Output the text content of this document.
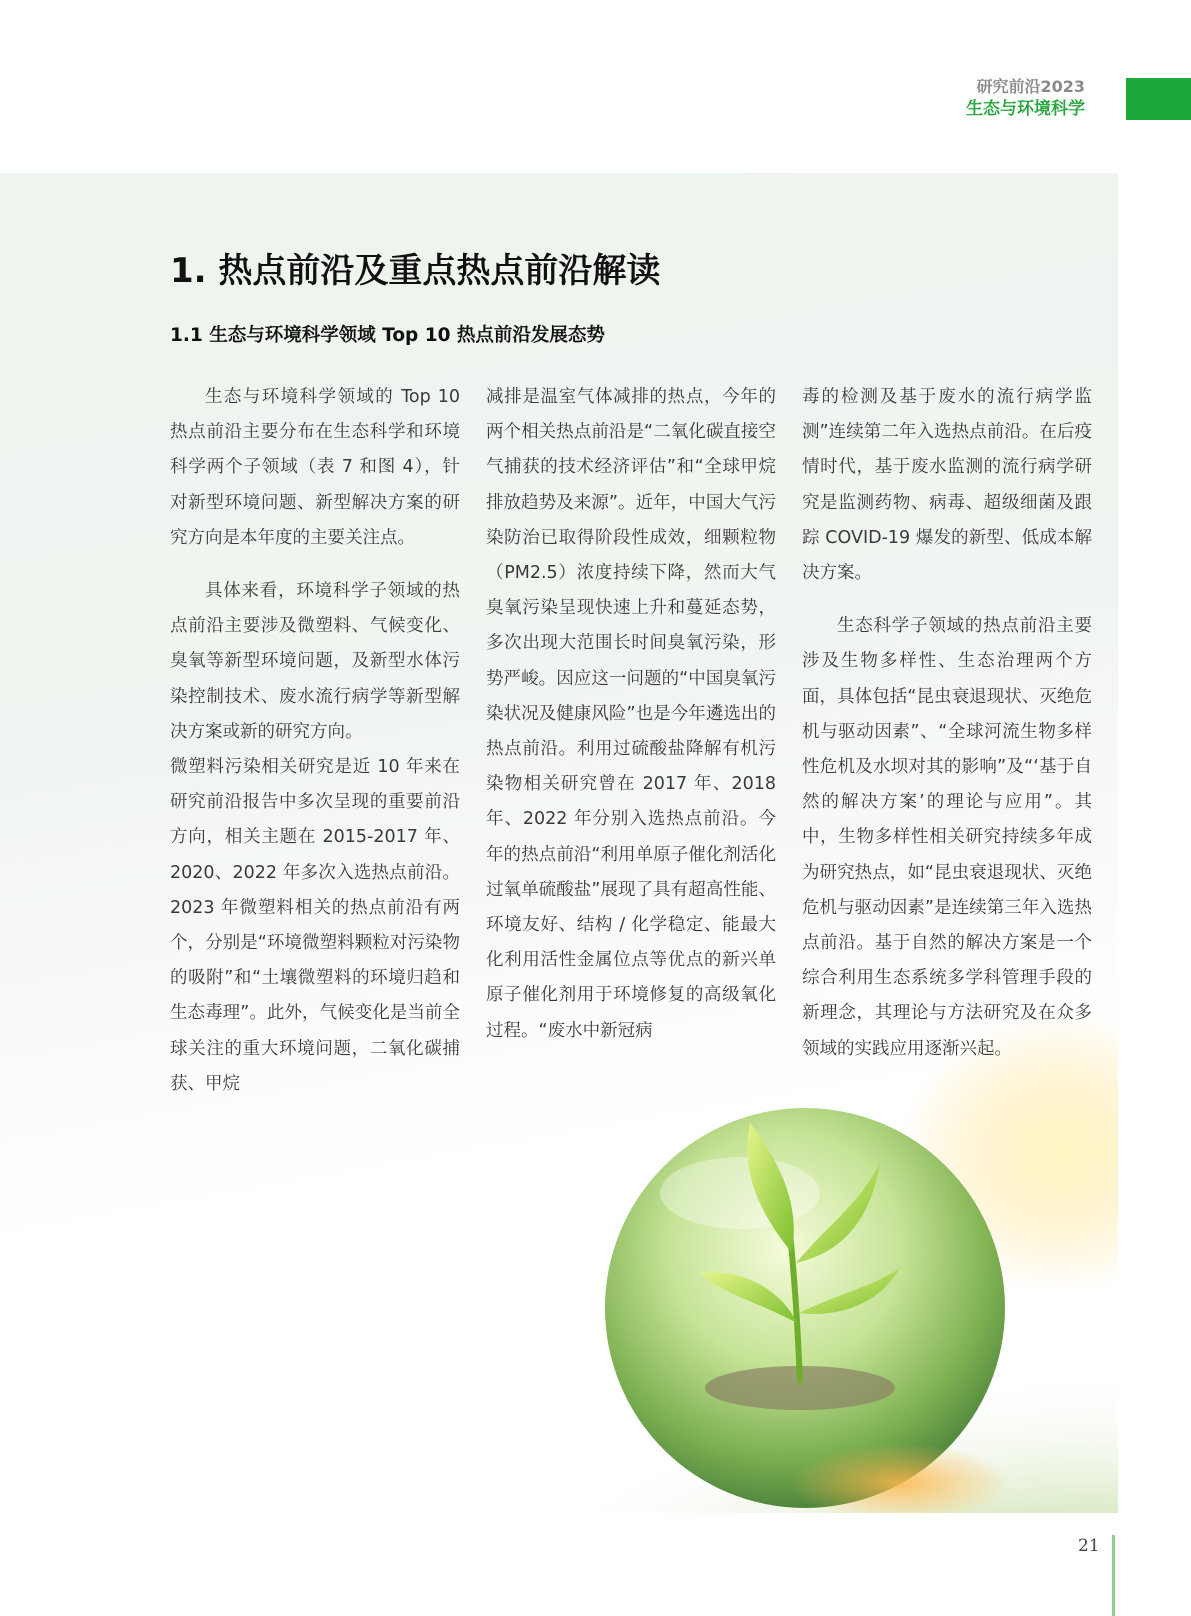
研究前沿2023
生态与环境科学
1. 热点前沿及重点热点前沿解读
1.1 生态与环境科学领域 Top 10 热点前沿发展态势

生态与环境科学领域的 Top 10 热点前沿主要分布在生态科学和环境科学两个子领域（表 7 和图 4），针对新型环境问题、新型解决方案的研究方向是本年度的主要关注点。

具体来看，环境科学子领域的热点前沿主要涉及微塑料、气候变化、臭氧等新型环境问题，及新型水体污染控制技术、废水流行病学等新型解决方案或新的研究方向。

微塑料污染相关研究是近 10 年来在研究前沿报告中多次呈现的重要前沿方向，相关主题在 2015-2017 年、2020、2022 年多次入选热点前沿。2023 年微塑料相关的热点前沿有两个，分别是“环境微塑料颗粒对污染物的吸附”和“土壤微塑料的环境归趋和生态毒理”。此外，气候变化是当前全球关注的重大环境问题，二氧化碳捕获、甲烷

减排是温室气体减排的热点，今年的两个相关热点前沿是“二氧化碳直接空气捕获的技术经济评估”和“全球甲烷排放趋势及来源”。近年，中国大气污染防治已取得阶段性成效，细颗粒物（PM2.5）浓度持续下降，然而大气臭氧污染呈现快速上升和蔓延态势，多次出现大范围长时间臭氧污染，形势严峻。因应这一问题的“中国臭氧污染状况及健康风险”也是今年遴选出的热点前沿。利用过硫酸盐降解有机污染物相关研究曾在 2017 年、2018 年、2022 年分别入选热点前沿。今年的热点前沿“利用单原子催化剂活化过氧单硫酸盐”展现了具有超高性能、环境友好、结构 / 化学稳定、能最大化利用活性金属位点等优点的新兴单原子催化剂用于环境修复的高级氧化过程。“废水中新冠病

毒的检测及基于废水的流行病学监测”连续第二年入选热点前沿。在后疫情时代，基于废水监测的流行病学研究是监测药物、病毒、超级细菌及跟踪 COVID-19 爆发的新型、低成本解决方案。

生态科学子领域的热点前沿主要涉及生物多样性、生态治理两个方面，具体包括“昆虫衰退现状、灭绝危机与驱动因素”、“全球河流生物多样性危机及水坝对其的影响”及“‘基于自然的解决方案’的理论与应用”。其中，生物多样性相关研究持续多年成为研究热点，如“昆虫衰退现状、灭绝危机与驱动因素”是连续第三年入选热点前沿。基于自然的解决方案是一个综合利用生态系统多学科管理手段的新理念，其理论与方法研究及在众多领域的实践应用逐渐兴起。

21
